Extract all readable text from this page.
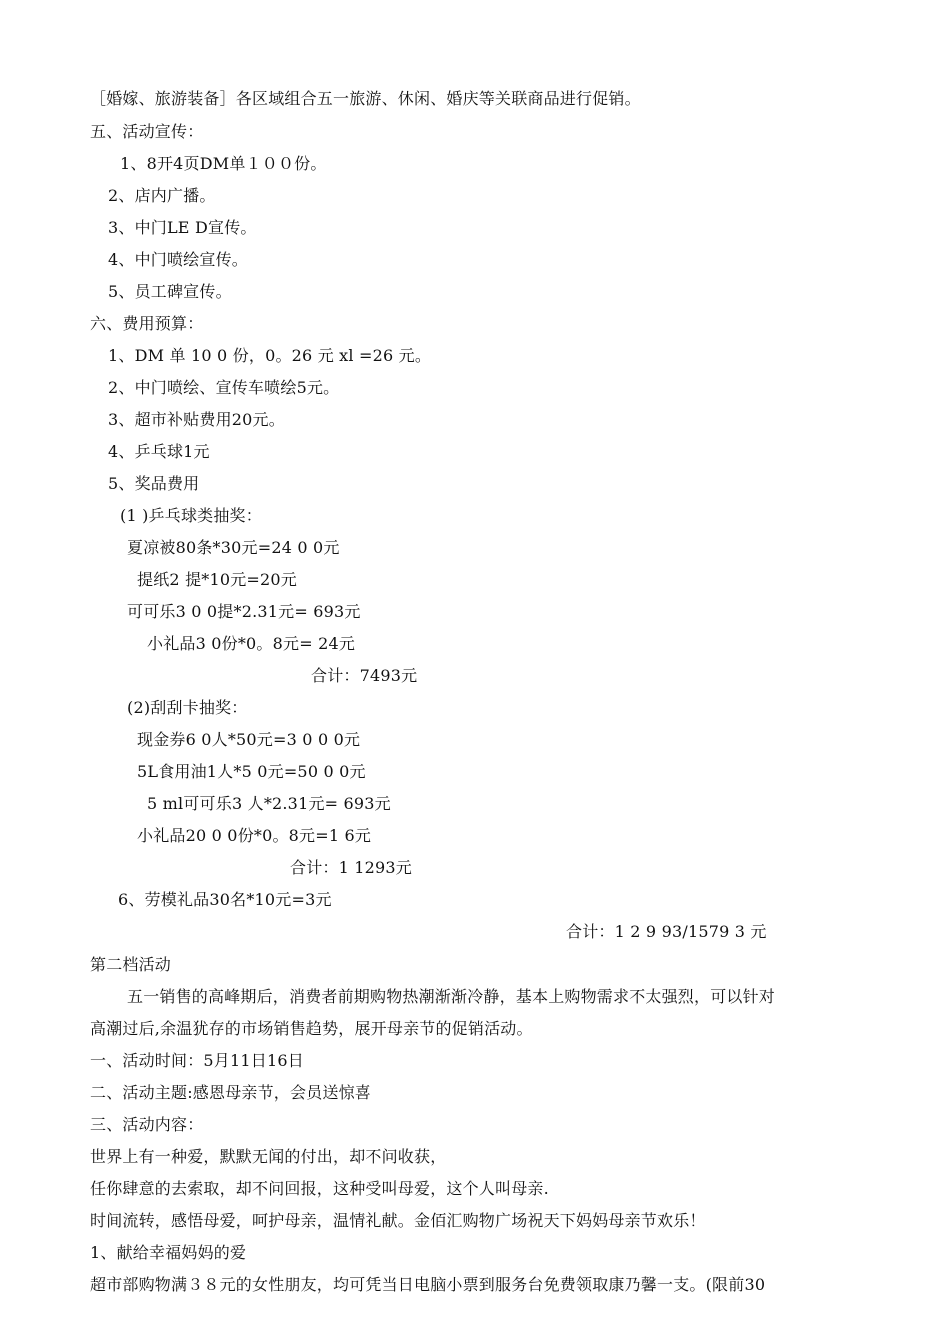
［婚嫁、旅游装备］各区域组合五一旅游、休闲、婚庆等关联商品进行促销。
五、活动宣传：
1、8开4页DM单１００份。
2、店内广播。
3、中门LE D宣传。
4、中门喷绘宣传。
5、员工碑宣传。
六、费用预算：
1、DM 单 10 0 份，0。26 元 xl =26 元。
2、中门喷绘、宣传车喷绘5元。
3、超市补贴费用20元。
4、乒乓球1元
5、奖品费用
(1 )乒乓球类抽奖：
夏凉被80条*30元=24 0 0元
提纸2 提*10元=20元
可可乐3 0 0提*2.31元= 693元
小礼品3 0份*0。8元= 24元
合计：7493元
(2)刮刮卡抽奖：
现金券6 0人*50元=3 0 0 0元
5L食用油1人*5 0元=50 0 0元
5 ml可可乐3 人*2.31元= 693元
小礼品20 0 0份*0。8元=1 6元
合计：1 1293元
6、劳模礼品30名*10元=3元
合计：1 2 9 93/1579 3 元
第二档活动
五一销售的高峰期后，消费者前期购物热潮渐渐冷静，基本上购物需求不太强烈，可以针对
高潮过后,余温犹存的市场销售趋势，展开母亲节的促销活动。
一、活动时间：5月11日16日
二、活动主题:感恩母亲节，会员送惊喜
三、活动内容：
世界上有一种爱，默默无闻的付出，却不问收获，
任你肆意的去索取，却不问回报，这种受叫母爱，这个人叫母亲.
时间流转，感悟母爱，呵护母亲，温情礼献。金佰汇购物广场祝天下妈妈母亲节欢乐！
1、献给幸福妈妈的爱
超市部购物满３８元的女性朋友，均可凭当日电脑小票到服务台免费领取康乃馨一支。(限前30
